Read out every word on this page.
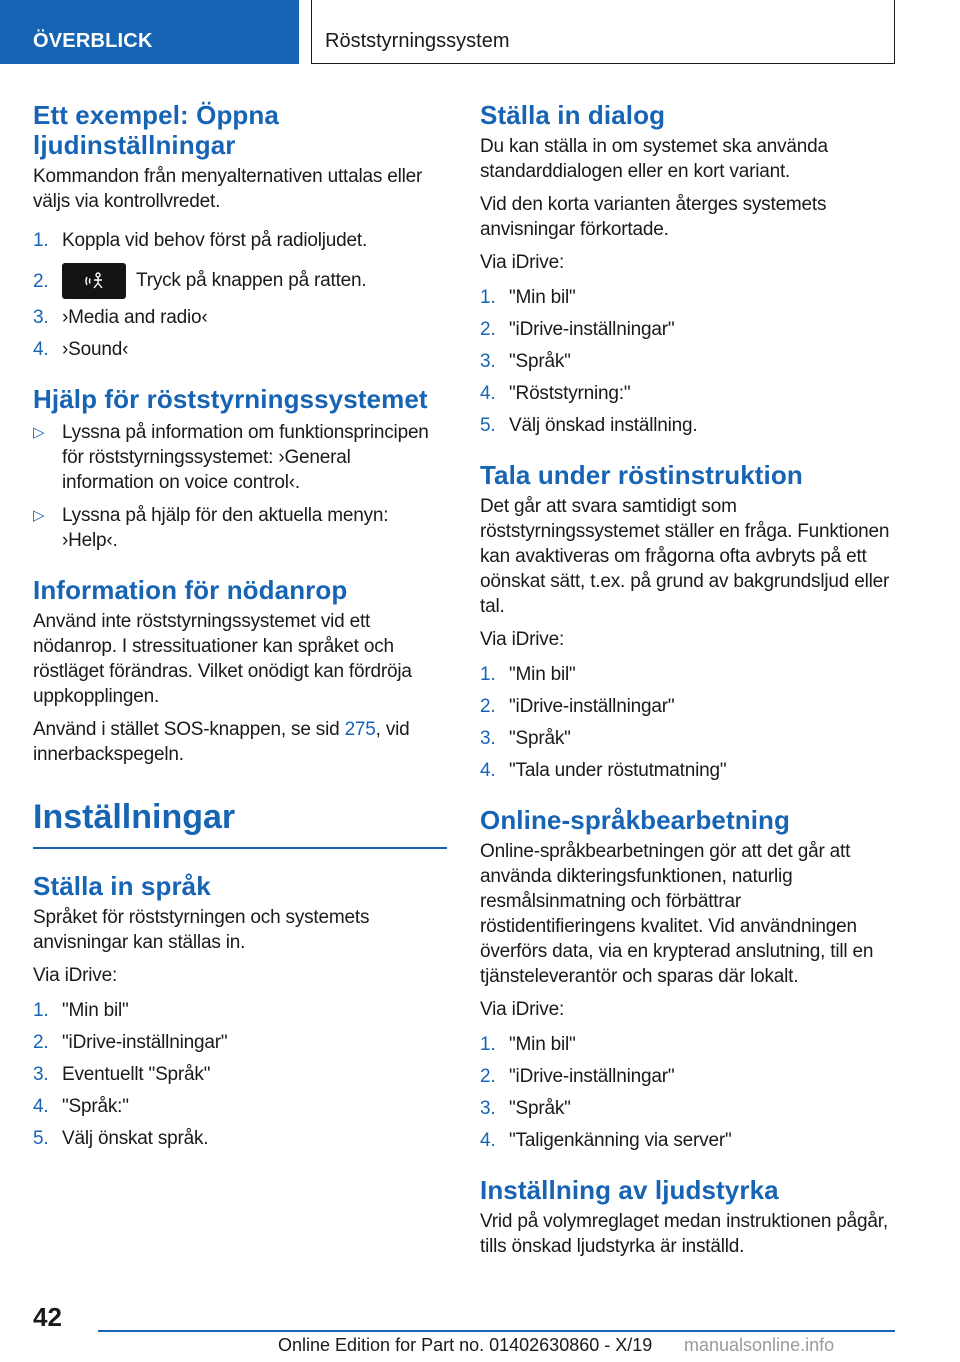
ÖVERBLICK	Röststyrningssystem
Ett exempel: Öppna
ljudinställningar

Kommandon från menyalternativen uttalas eller väljs via kontrollvredet.

1. Koppla vid behov först på radioljudet.
2.	Tryck på knappen på ratten.
3. ›Media and radio‹
4. ›Sound‹
Hjälp för röststyrningssystemet
▷ Lyssna på information om funktionsprincipen för röststyrningssystemet: ›General information on voice control‹.
▷ Lyssna på hjälp för den aktuella menyn: ›Help‹.
Information för nödanrop

Använd inte röststyrningssystemet vid ett nödanrop. I stressituationer kan språket och röstläget förändras. Vilket onödigt kan fördröja uppkopplingen.

Använd i stället SOS-knappen, se sid 275, vid innerbackspegeln.

Inställningar
Ställa in språk

Språket för röststyrningen och systemets anvisningar kan ställas in.

Via iDrive:

1. "Min bil"
2. "iDrive-inställningar"
3. Eventuellt "Språk"
4. "Språk:"
5. Välj önskat språk.
Ställa in dialog

Du kan ställa in om systemet ska använda standarddialogen eller en kort variant.

Vid den korta varianten återges systemets anvisningar förkortade.

Via iDrive:

1. "Min bil"
2. "iDrive-inställningar"
3. "Språk"
4. "Röststyrning:"
5. Välj önskad inställning.
Tala under röstinstruktion

Det går att svara samtidigt som röststyrningssystemet ställer en fråga. Funktionen kan avaktiveras om frågorna ofta avbryts på ett oönskat sätt, t.ex. på grund av bakgrundsljud eller tal.

Via iDrive:

1. "Min bil"
2. "iDrive-inställningar"
3. "Språk"
4. "Tala under röstutmatning"
Online-språkbearbetning

Online-språkbearbetningen gör att det går att använda dikteringsfunktionen, naturlig resmålsinmatning och förbättrar röstidentifieringens kvalitet. Vid användningen överförs data, via en krypterad anslutning, till en tjänsteleverantör och sparas där lokalt.

Via iDrive:

1. "Min bil"
2. "iDrive-inställningar"
3. "Språk"
4. "Taligenkänning via server"
Inställning av ljudstyrka

Vrid på volymreglaget medan instruktionen pågår, tills önskad ljudstyrka är inställd.

42
Online Edition for Part no. 01402630860 - X/19 manualsonline.info
